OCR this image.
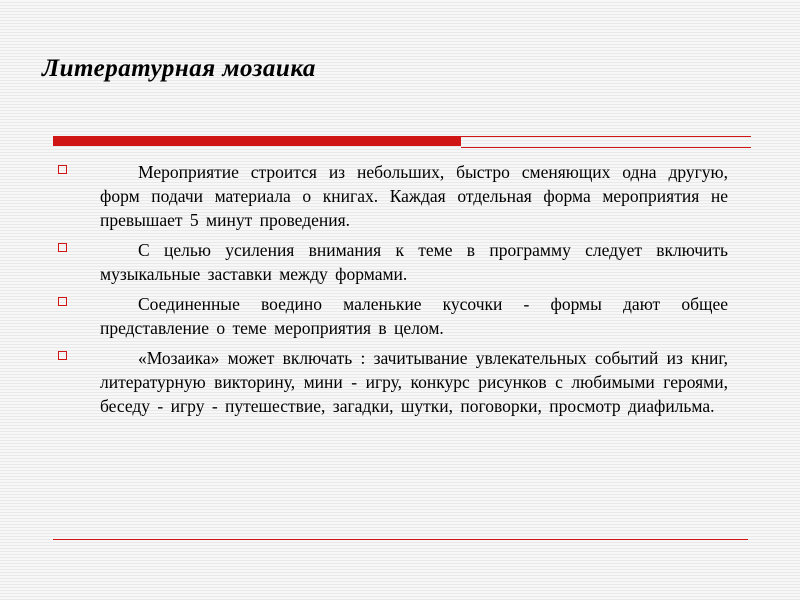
Литературная мозаика
Мероприятие строится из небольших, быстро сменяющих одна другую, форм подачи материала о книгах. Каждая отдельная форма мероприятия не превышает 5 минут проведения.
С целью усиления внимания к теме в программу следует включить музыкальные заставки между формами.
Соединенные воедино маленькие кусочки - формы дают общее представление о теме мероприятия в целом.
«Мозаика» может включать : зачитывание увлекательных событий из книг, литературную викторину, мини - игру, конкурс рисунков с любимыми героями, беседу - игру - путешествие, загадки, шутки, поговорки, просмотр диафильма.
